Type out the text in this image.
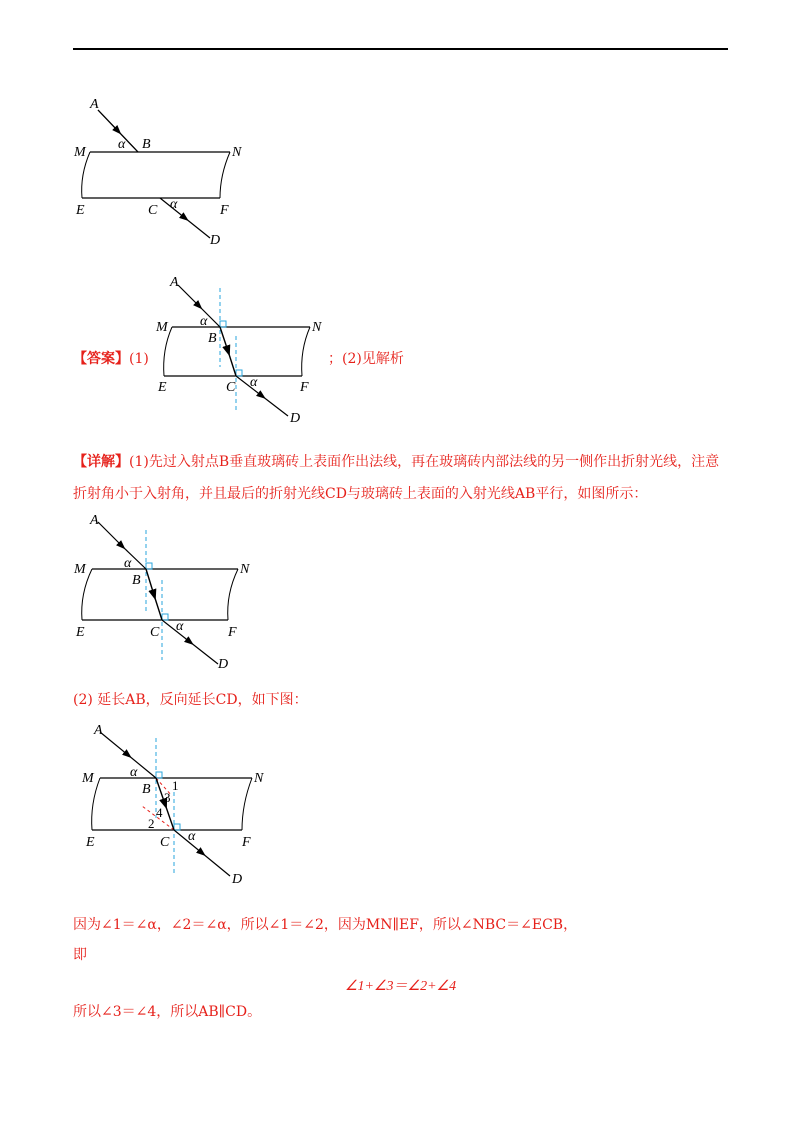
A
B
M	N
E	C	F
D
α
α
A
B
M	N
E	C	F
D
α
α
【答案】(1)	；(2)见解析
【详解】(1)先过入射点B垂直玻璃砖上表面作出法线，再在玻璃砖内部法线的另一侧作出折射光线，注意
折射角小于入射角，并且最后的折射光线CD与玻璃砖上表面的入射光线AB平行，如图所示：
A
B
M	N
E	C	F
D
α
α
(2) 延长AB，反向延长CD，如下图：
A
B
M	N
E	C	F
D
α
α
1
3
4
2
因为∠1＝∠α，∠2＝∠α，所以∠1＝∠2，因为MN∥EF，所以∠NBC＝∠ECB，
即
∠1+∠3＝∠2+∠4
所以∠3＝∠4，所以AB∥CD。
